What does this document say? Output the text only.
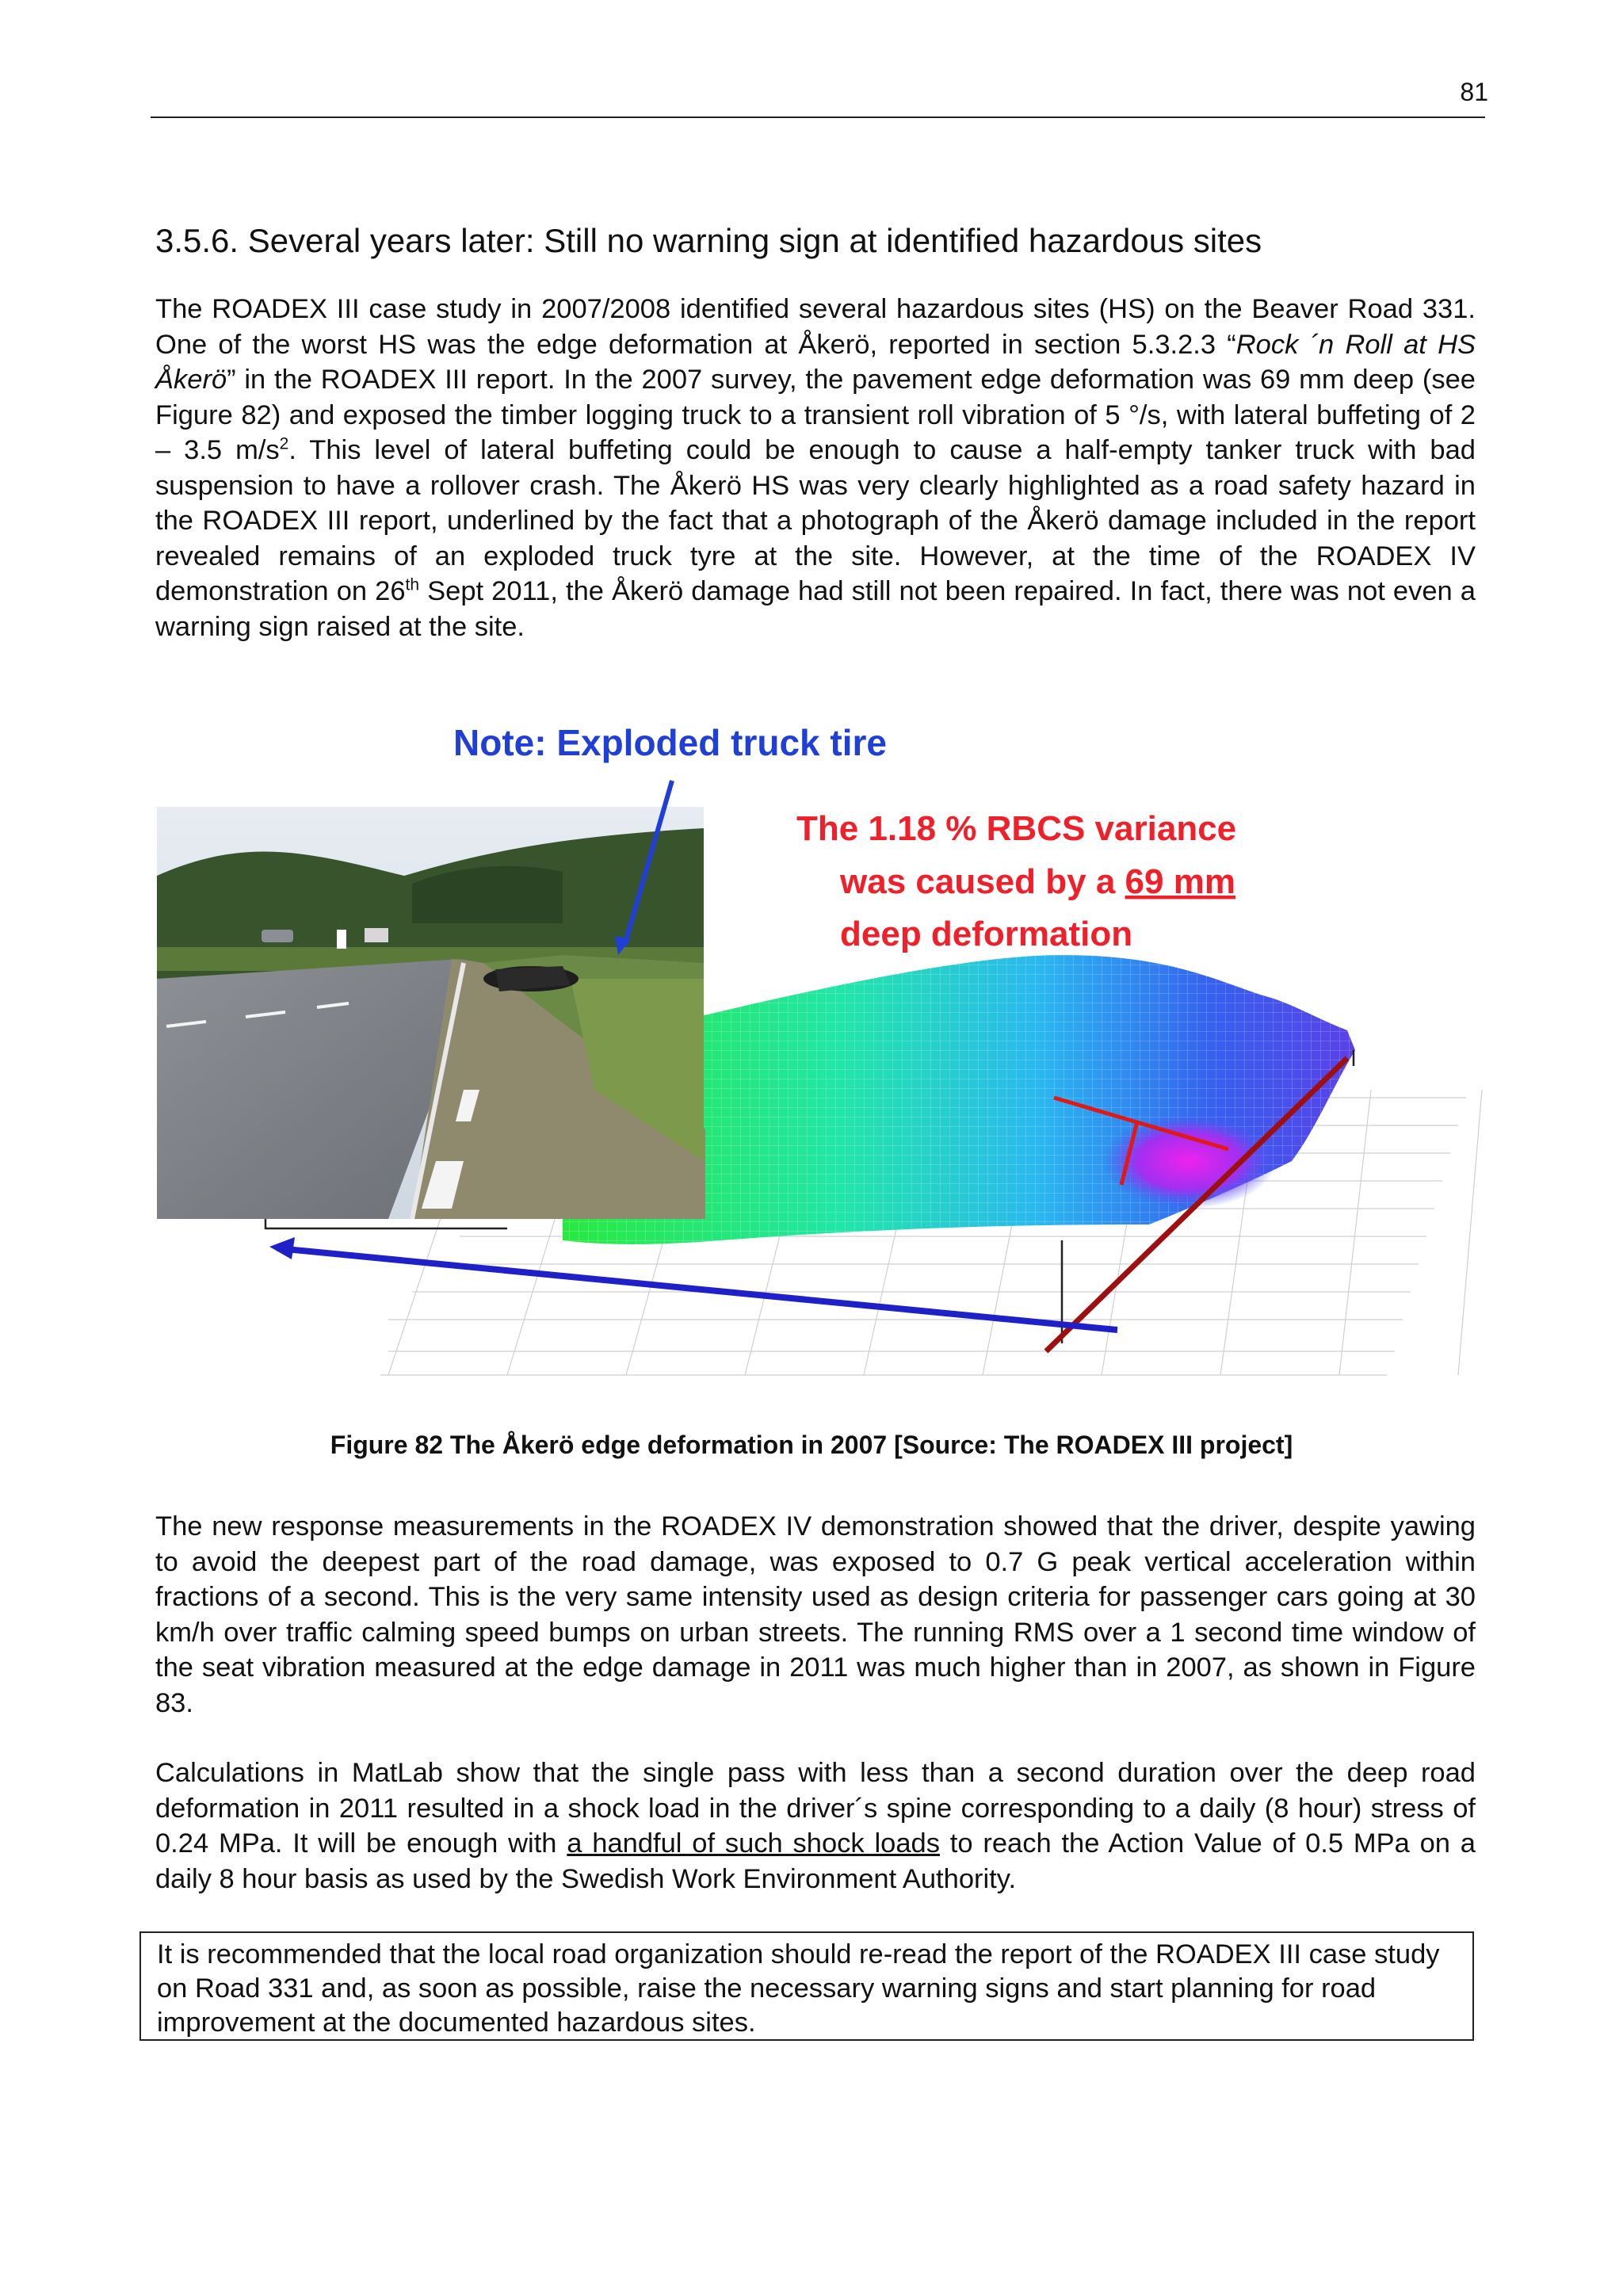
81
3.5.6. Several years later: Still no warning sign at identified hazardous sites

The ROADEX III case study in 2007/2008 identified several hazardous sites (HS) on the Beaver Road 331. One of the worst HS was the edge deformation at Åkerö, reported in section 5.3.2.3 “Rock ´n Roll at HS Åkerö” in the ROADEX III report. In the 2007 survey, the pavement edge deformation was 69 mm deep (see Figure 82) and exposed the timber logging truck to a transient roll vibration of 5 °/s, with lateral buffeting of 2 – 3.5 $m/s^2$. This level of lateral buffeting could be enough to cause a half-empty tanker truck with bad suspension to have a rollover crash. The Åkerö HS was very clearly highlighted as a road safety hazard in the ROADEX III report, underlined by the fact that a photograph of the Åkerö damage included in the report revealed remains of an exploded truck tyre at the site. However, at the time of the ROADEX IV demonstration on 26th Sept 2011, the Åkerö damage had still not been repaired. In fact, there was not even a warning sign raised at the site.

Note: Exploded truck tire
The 1.18 % RBCS variance
was caused by a 69 mm
deep deformation

Figure 82 The Åkerö edge deformation in 2007 [Source: The ROADEX III project]

The new response measurements in the ROADEX IV demonstration showed that the driver, despite yawing to avoid the deepest part of the road damage, was exposed to 0.7 G peak vertical acceleration within fractions of a second. This is the very same intensity used as design criteria for passenger cars going at 30 km/h over traffic calming speed bumps on urban streets. The running RMS over a 1 second time window of the seat vibration measured at the edge damage in 2011 was much higher than in 2007, as shown in Figure 83.

Calculations in MatLab show that the single pass with less than a second duration over the deep road deformation in 2011 resulted in a shock load in the driver´s spine corresponding to a daily (8 hour) stress of 0.24 MPa. It will be enough with a handful of such shock loads to reach the Action Value of 0.5 MPa on a daily 8 hour basis as used by the Swedish Work Environment Authority.

It is recommended that the local road organization should re-read the report of the ROADEX III case study on Road 331 and, as soon as possible, raise the necessary warning signs and start planning for road improvement at the documented hazardous sites.
